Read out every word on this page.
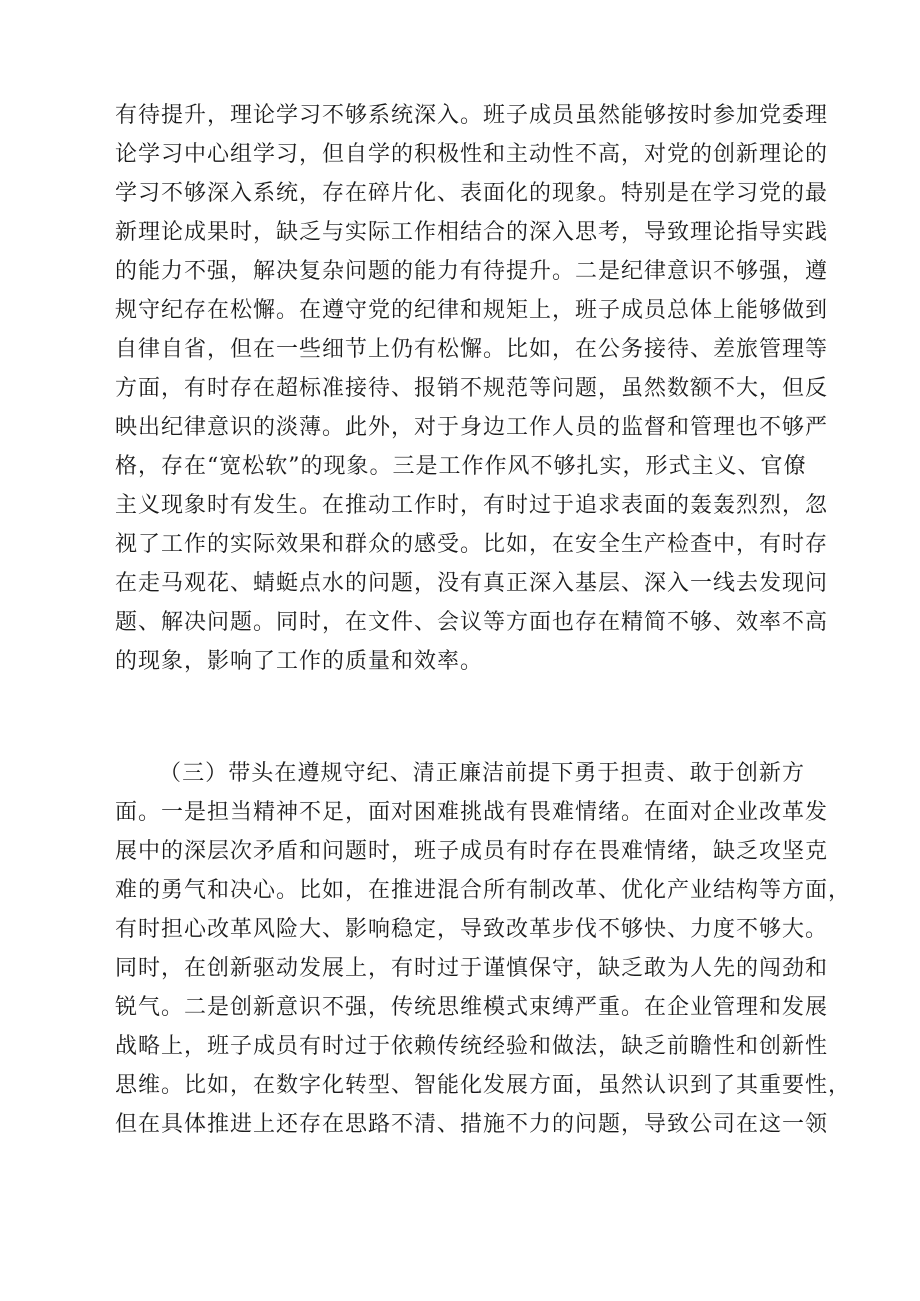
有待提升，理论学习不够系统深入。班子成员虽然能够按时参加党委理
论学习中心组学习，但自学的积极性和主动性不高，对党的创新理论的
学习不够深入系统，存在碎片化、表面化的现象。特别是在学习党的最
新理论成果时，缺乏与实际工作相结合的深入思考，导致理论指导实践
的能力不强，解决复杂问题的能力有待提升。二是纪律意识不够强，遵
规守纪存在松懈。在遵守党的纪律和规矩上，班子成员总体上能够做到
自律自省，但在一些细节上仍有松懈。比如，在公务接待、差旅管理等
方面，有时存在超标准接待、报销不规范等问题，虽然数额不大，但反
映出纪律意识的淡薄。此外，对于身边工作人员的监督和管理也不够严
格，存在“宽松软”的现象。三是工作作风不够扎实，形式主义、官僚
主义现象时有发生。在推动工作时，有时过于追求表面的轰轰烈烈，忽
视了工作的实际效果和群众的感受。比如，在安全生产检查中，有时存
在走马观花、蜻蜓点水的问题，没有真正深入基层、深入一线去发现问
题、解决问题。同时，在文件、会议等方面也存在精简不够、效率不高
的现象，影响了工作的质量和效率。
（三）带头在遵规守纪、清正廉洁前提下勇于担责、敢于创新方
面。一是担当精神不足，面对困难挑战有畏难情绪。在面对企业改革发
展中的深层次矛盾和问题时，班子成员有时存在畏难情绪，缺乏攻坚克
难的勇气和决心。比如，在推进混合所有制改革、优化产业结构等方面，
有时担心改革风险大、影响稳定，导致改革步伐不够快、力度不够大。
同时，在创新驱动发展上，有时过于谨慎保守，缺乏敢为人先的闯劲和
锐气。二是创新意识不强，传统思维模式束缚严重。在企业管理和发展
战略上，班子成员有时过于依赖传统经验和做法，缺乏前瞻性和创新性
思维。比如，在数字化转型、智能化发展方面，虽然认识到了其重要性，
但在具体推进上还存在思路不清、措施不力的问题，导致公司在这一领
